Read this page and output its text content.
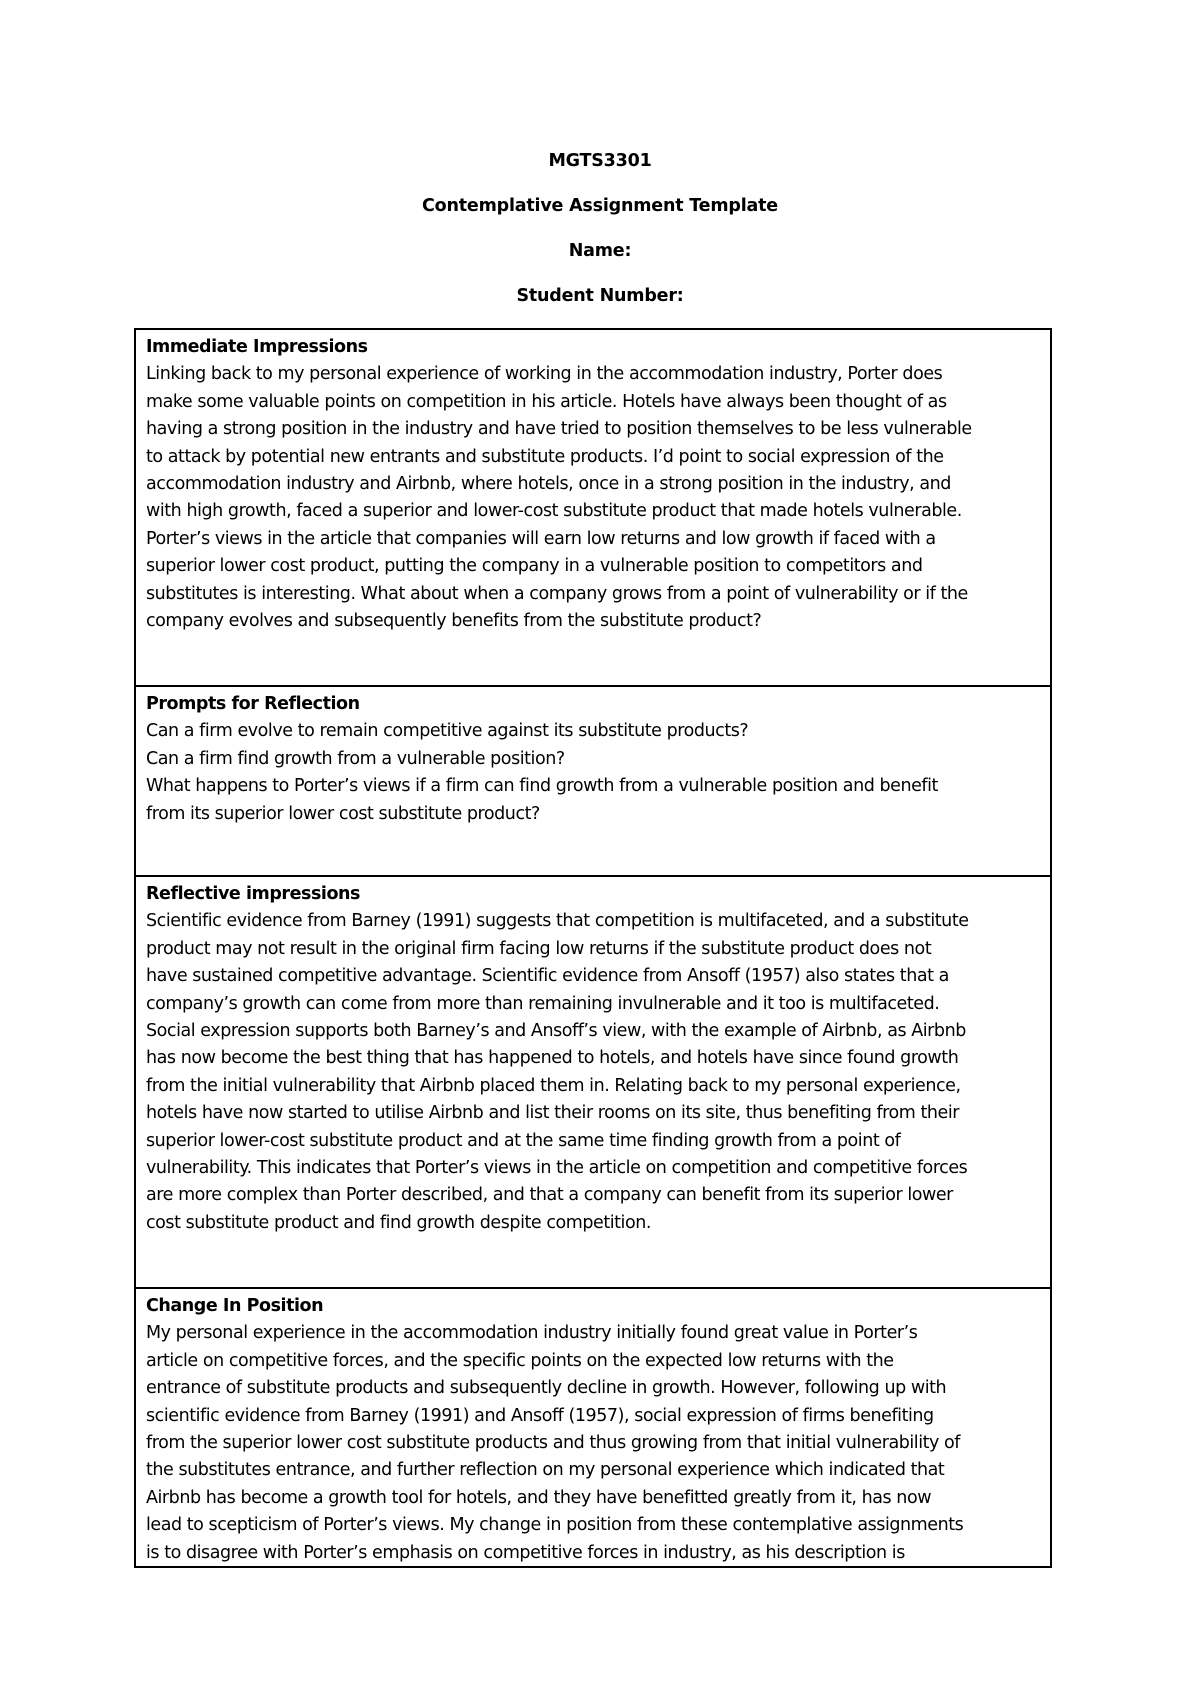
MGTS3301
Contemplative Assignment Template
Name:
Student Number:
Immediate Impressions
Linking back to my personal experience of working in the accommodation industry, Porter does
make some valuable points on competition in his article. Hotels have always been thought of as
having a strong position in the industry and have tried to position themselves to be less vulnerable
to attack by potential new entrants and substitute products. I’d point to social expression of the
accommodation industry and Airbnb, where hotels, once in a strong position in the industry, and
with high growth, faced a superior and lower-cost substitute product that made hotels vulnerable.
Porter’s views in the article that companies will earn low returns and low growth if faced with a
superior lower cost product, putting the company in a vulnerable position to competitors and
substitutes is interesting. What about when a company grows from a point of vulnerability or if the
company evolves and subsequently benefits from the substitute product?
Prompts for Reflection
Can a firm evolve to remain competitive against its substitute products?
Can a firm find growth from a vulnerable position?
What happens to Porter’s views if a firm can find growth from a vulnerable position and benefit
from its superior lower cost substitute product?
Reflective impressions
Scientific evidence from Barney (1991) suggests that competition is multifaceted, and a substitute
product may not result in the original firm facing low returns if the substitute product does not
have sustained competitive advantage. Scientific evidence from Ansoff (1957) also states that a
company’s growth can come from more than remaining invulnerable and it too is multifaceted.
Social expression supports both Barney’s and Ansoff’s view, with the example of Airbnb, as Airbnb
has now become the best thing that has happened to hotels, and hotels have since found growth
from the initial vulnerability that Airbnb placed them in. Relating back to my personal experience,
hotels have now started to utilise Airbnb and list their rooms on its site, thus benefiting from their
superior lower-cost substitute product and at the same time finding growth from a point of
vulnerability. This indicates that Porter’s views in the article on competition and competitive forces
are more complex than Porter described, and that a company can benefit from its superior lower
cost substitute product and find growth despite competition.
Change In Position
My personal experience in the accommodation industry initially found great value in Porter’s
article on competitive forces, and the specific points on the expected low returns with the
entrance of substitute products and subsequently decline in growth. However, following up with
scientific evidence from Barney (1991) and Ansoff (1957), social expression of firms benefiting
from the superior lower cost substitute products and thus growing from that initial vulnerability of
the substitutes entrance, and further reflection on my personal experience which indicated that
Airbnb has become a growth tool for hotels, and they have benefitted greatly from it, has now
lead to scepticism of Porter’s views. My change in position from these contemplative assignments
is to disagree with Porter’s emphasis on competitive forces in industry, as his description is
